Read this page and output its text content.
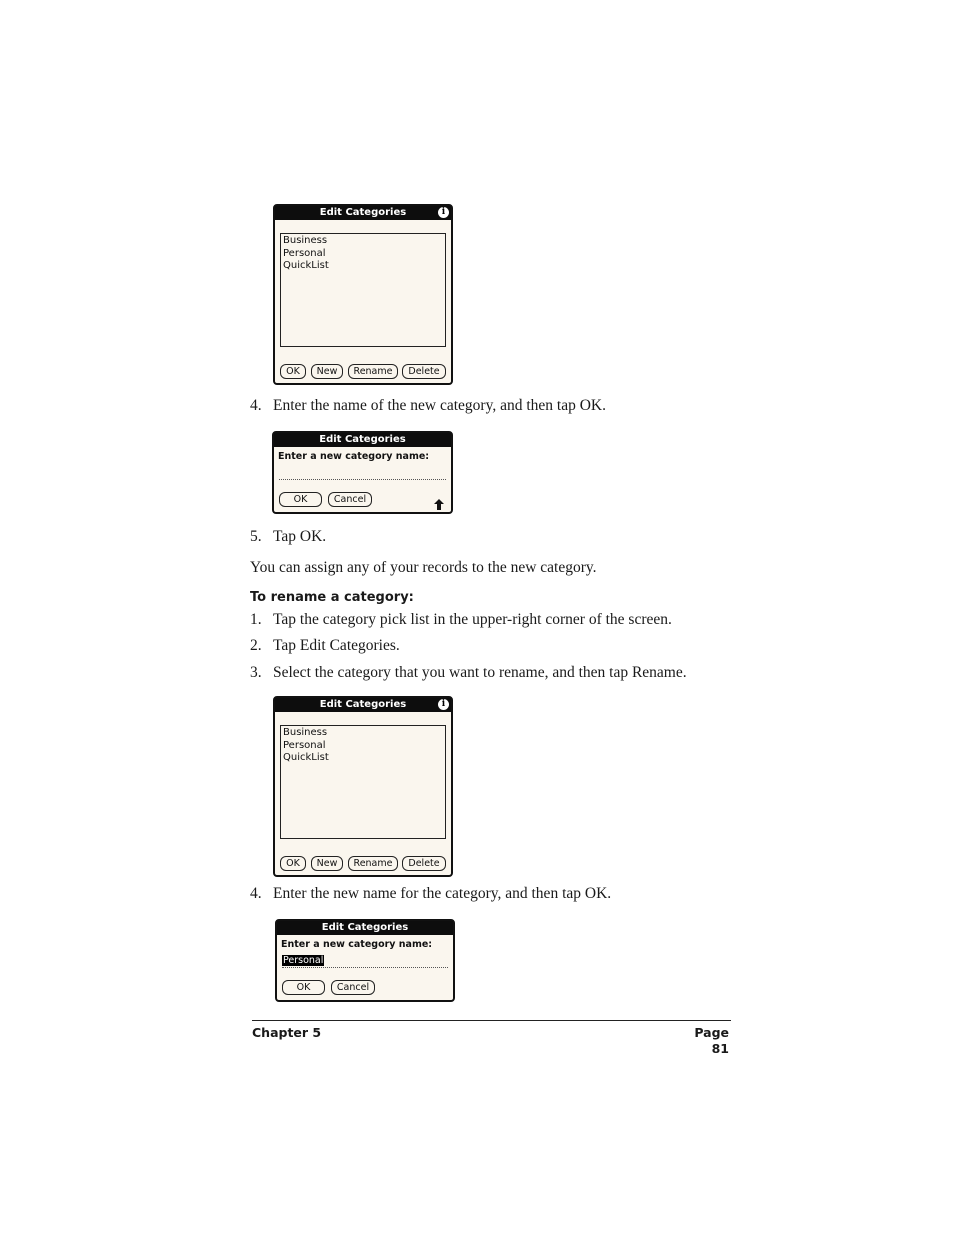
Edit Categories	i
Business
Personal
QuickList
OK	New	Rename	Delete
4. Enter the name of the new category, and then tap OK.
Edit Categories
Enter a new category name:
OK	Cancel
5. Tap OK.
You can assign any of your records to the new category.
To rename a category:
1. Tap the category pick list in the upper-right corner of the screen.
2. Tap Edit Categories.
3. Select the category that you want to rename, and then tap Rename.
Edit Categories	i
Business
Personal
QuickList
OK	New	Rename	Delete
4. Enter the new name for the category, and then tap OK.
Edit Categories
Enter a new category name:
Personal
OK	Cancel
Chapter 5	Page 81
